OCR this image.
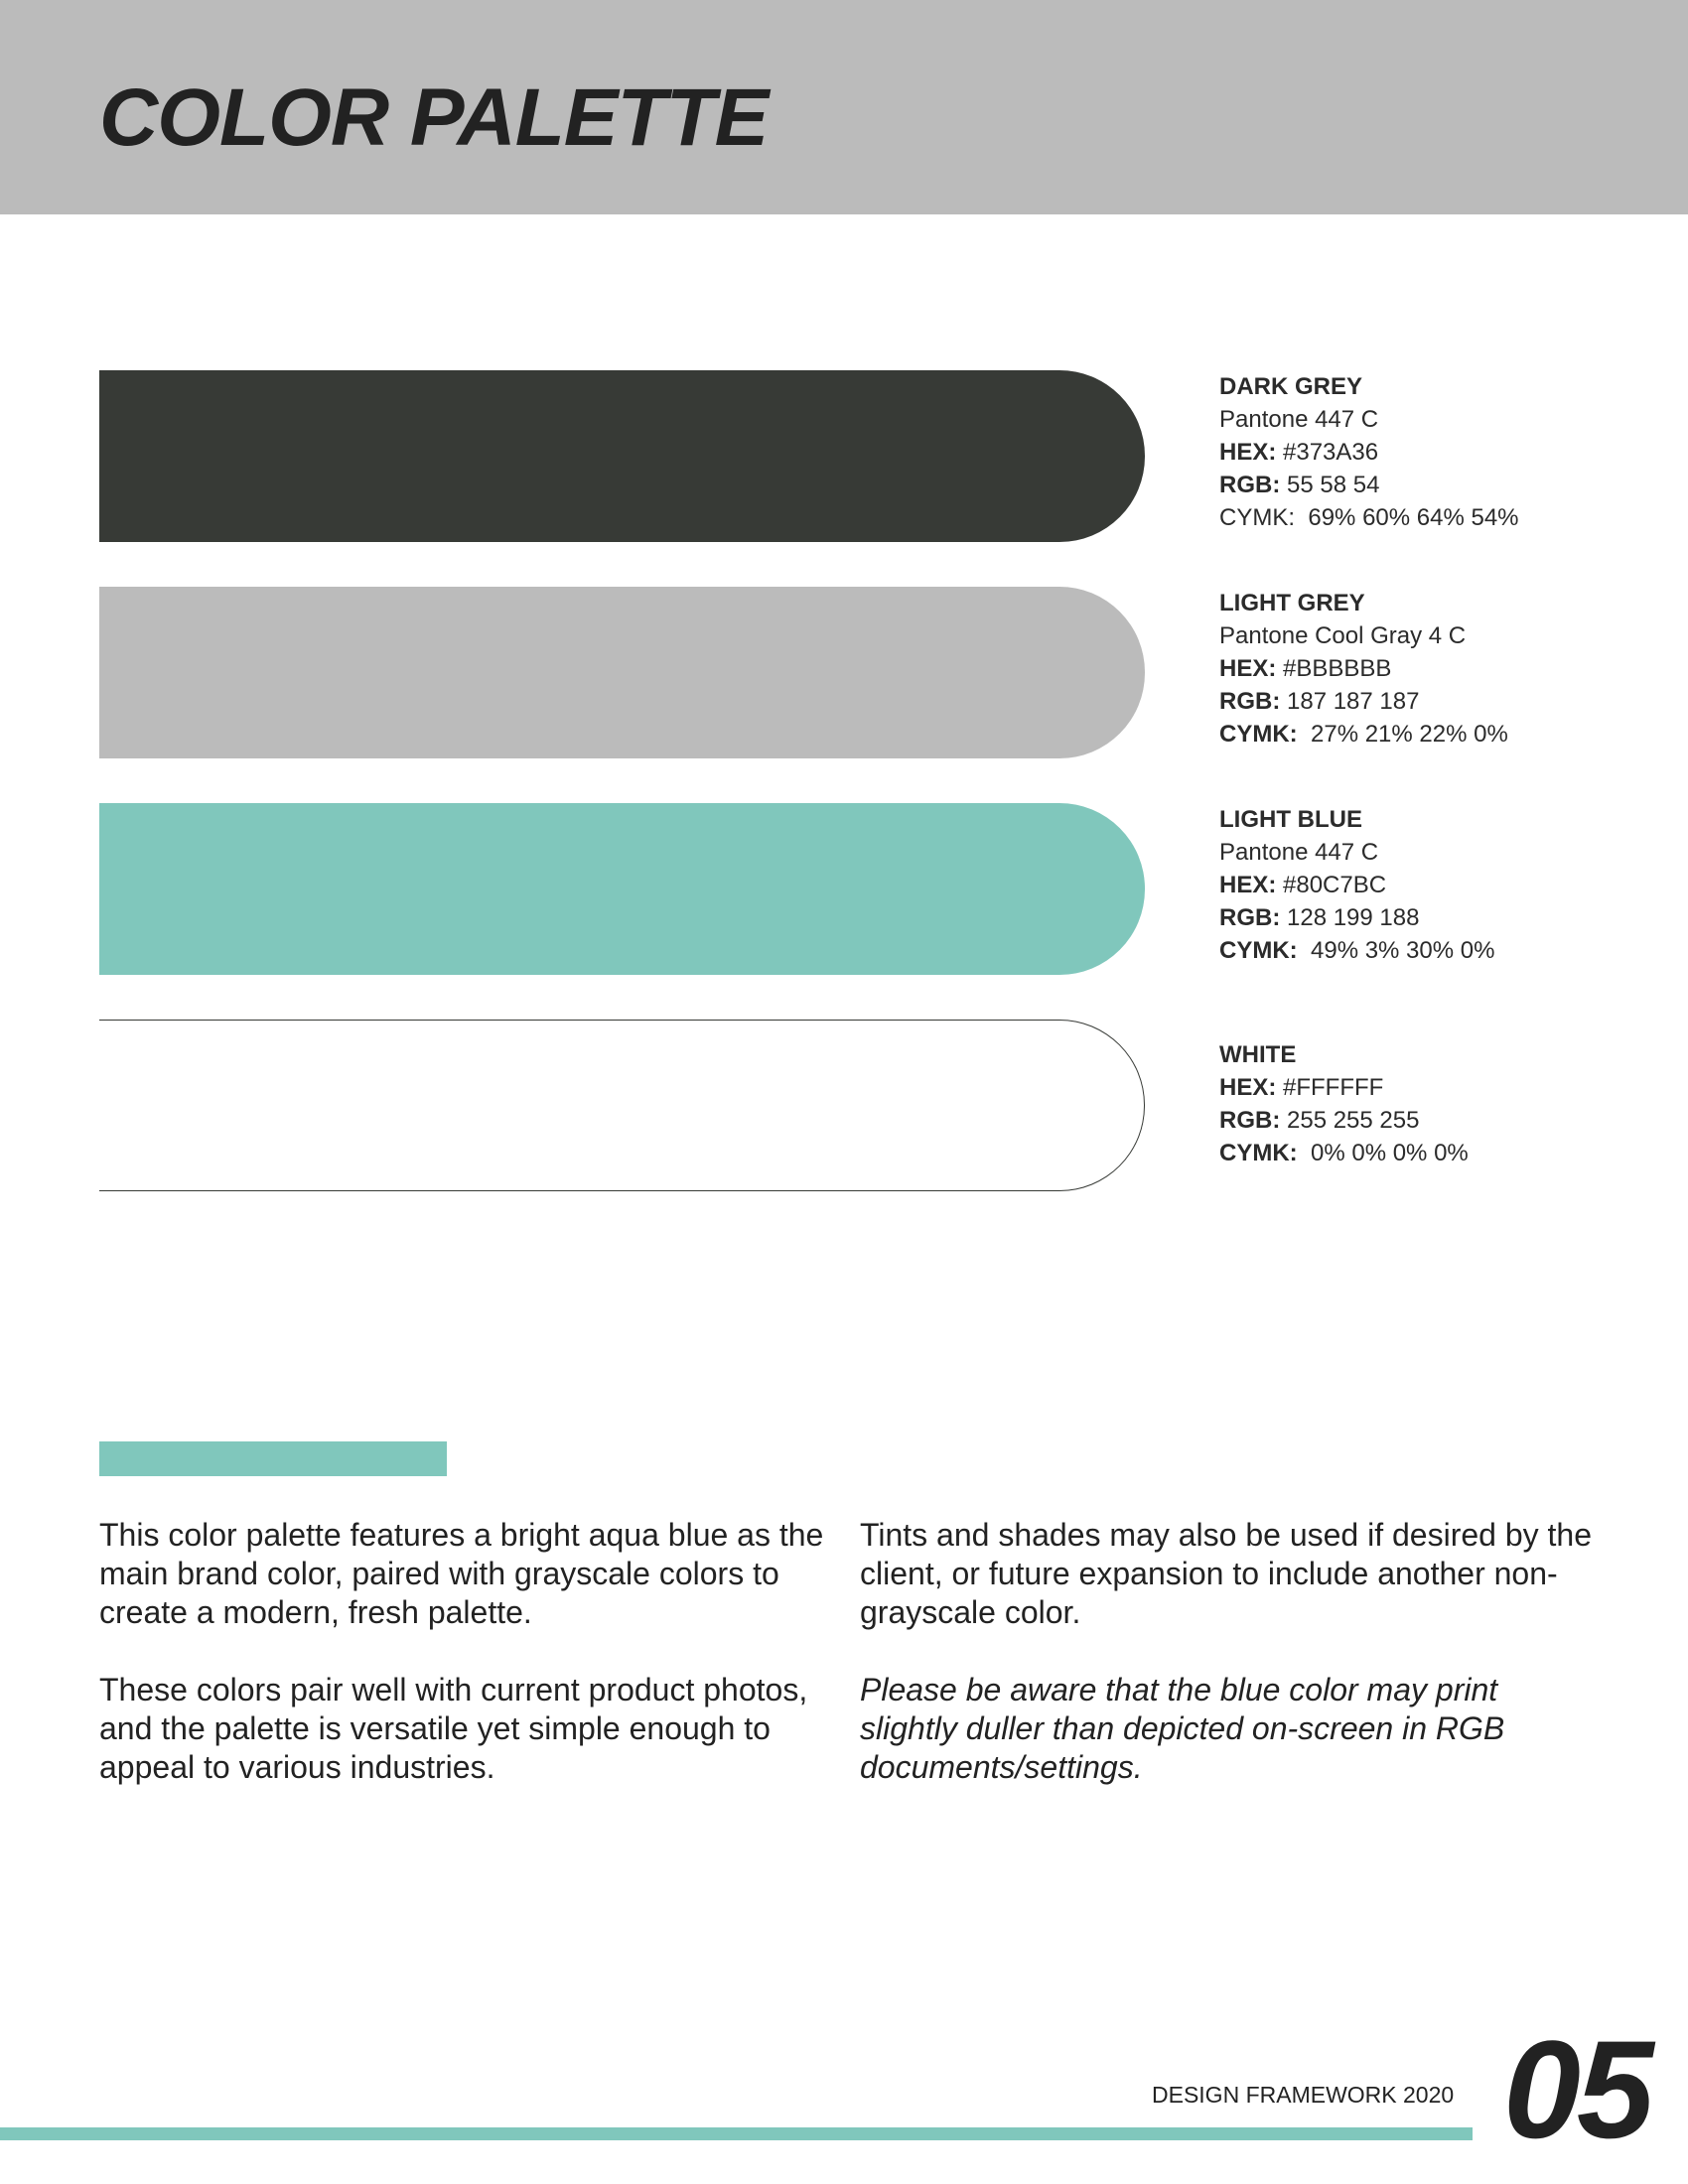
COLOR PALETTE
DARK GREY
Pantone 447 C
HEX: #373A36
RGB: 55 58 54
CYMK: 69% 60% 64% 54%
LIGHT GREY
Pantone Cool Gray 4 C
HEX: #BBBBBB
RGB: 187 187 187
CYMK: 27% 21% 22% 0%
LIGHT BLUE
Pantone 447 C
HEX: #80C7BC
RGB: 128 199 188
CYMK: 49% 3% 30% 0%
WHITE
HEX: #FFFFFF
RGB: 255 255 255
CYMK: 0% 0% 0% 0%

This color palette features a bright aqua blue as the main brand color, paired with grayscale colors to create a modern, fresh palette.

These colors pair well with current product photos, and the palette is versatile yet simple enough to appeal to various industries.

Tints and shades may also be used if desired by the client, or future expansion to include another non-grayscale color.

Please be aware that the blue color may print slightly duller than depicted on-screen in RGB documents/settings.

DESIGN FRAMEWORK 2020 05
